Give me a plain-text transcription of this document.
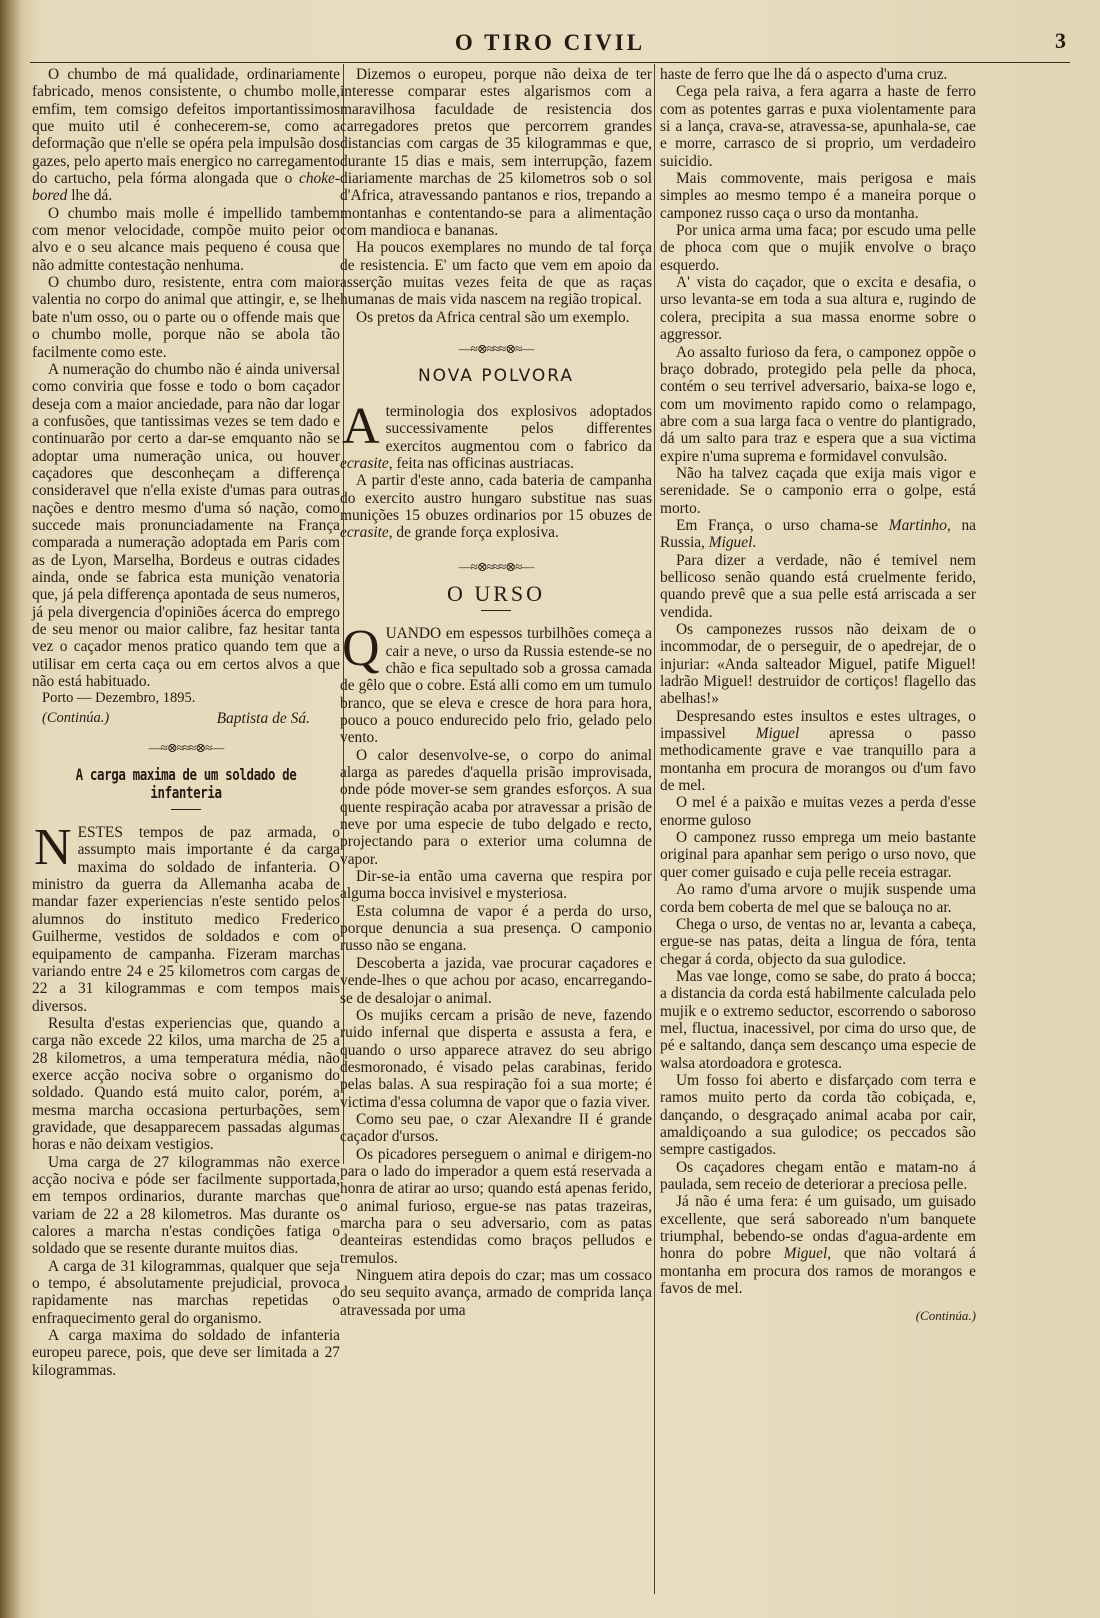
O TIRO CIVIL	3

O chumbo de má qualidade, ordinariamente fabricado, menos consistente, o chumbo molle, emfim, tem comsigo defeitos importantissimos que muito util é conhecerem-se, como a deformação que n'elle se opéra pela impulsão dos gazes, pelo aperto mais energico no carregamento do cartucho, pela fórma alongada que o choke-bored lhe dá.

O chumbo mais molle é impellido tambem com menor velocidade, compõe muito peior o alvo e o seu alcance mais pequeno é cousa que não admitte contestação nenhuma.

O chumbo duro, resistente, entra com maior valentia no corpo do animal que attingir, e, se lhe bate n'um osso, ou o parte ou o offende mais que o chumbo molle, porque não se abola tão facilmente como este.

A numeração do chumbo não é ainda universal como conviria que fosse e todo o bom caçador deseja com a maior anciedade, para não dar logar a confusões, que tantissimas vezes se tem dado e continuarão por certo a dar-se emquanto não se adoptar uma numeração unica, ou houver caçadores que desconheçam a differença consideravel que n'ella existe d'umas para outras nações e dentro mesmo d'uma só nação, como succede mais pronunciadamente na França comparada a numeração adoptada em Paris com as de Lyon, Marselha, Bordeus e outras cidades ainda, onde se fabrica esta munição venatoria que, já pela differença apontada de seus numeros, já pela divergencia d'opiniões ácerca do emprego de seu menor ou maior calibre, faz hesitar tanta vez o caçador menos pratico quando tem que a utilisar em certa caça ou em certos alvos a que não está habituado.

Porto — Dezembro, 1895.

(Continúa.)	Baptista de Sá.
—≈⊗≈≈≈⊗≈—
A carga maxima de um soldado de infanteria

NESTES tempos de paz armada, o assumpto mais importante é da carga maxima do soldado de infanteria. O ministro da guerra da Allemanha acaba de mandar fazer experiencias n'este sentido pelos alumnos do instituto medico Frederico Guilherme, vestidos de soldados e com o equipamento de campanha. Fizeram marchas variando entre 24 e 25 kilometros com cargas de 22 a 31 kilogrammas e com tempos mais diversos.

Resulta d'estas experiencias que, quando a carga não excede 22 kilos, uma marcha de 25 a 28 kilometros, a uma temperatura média, não exerce acção nociva sobre o organismo do soldado. Quando está muito calor, porém, a mesma marcha occasiona perturbações, sem gravidade, que desapparecem passadas algumas horas e não deixam vestigios.

Uma carga de 27 kilogrammas não exerce acção nociva e póde ser facilmente supportada, em tempos ordinarios, durante marchas que variam de 22 a 28 kilometros. Mas durante os calores a marcha n'estas condições fatiga o soldado que se resente durante muitos dias.

A carga de 31 kilogrammas, qualquer que seja o tempo, é absolutamente prejudicial, provoca rapidamente nas marchas repetidas o enfraquecimento geral do organismo.

A carga maxima do soldado de infanteria europeu parece, pois, que deve ser limitada a 27 kilogrammas.

Dizemos o europeu, porque não deixa de ter interesse comparar estes algarismos com a maravilhosa faculdade de resistencia dos carregadores pretos que percorrem grandes distancias com cargas de 35 kilogrammas e que, durante 15 dias e mais, sem interrupção, fazem diariamente marchas de 25 kilometros sob o sol d'Africa, atravessando pantanos e rios, trepando a montanhas e contentando-se para a alimentação com mandioca e bananas.

Ha poucos exemplares no mundo de tal força de resistencia. E' um facto que vem em apoio da asserção muitas vezes feita de que as raças humanas de mais vida nascem na região tropical.

Os pretos da Africa central são um exemplo.

—≈⊗≈≈≈⊗≈—
NOVA POLVORA

Aterminologia dos explosivos adoptados successivamente pelos differentes exercitos augmentou com o fabrico da ecrasite, feita nas officinas austriacas.

A partir d'este anno, cada bateria de campanha do exercito austro hungaro substitue nas suas munições 15 obuzes ordinarios por 15 obuzes de ecrasite, de grande força explosiva.

—≈⊗≈≈≈⊗≈—
O URSO

QUANDO em espessos turbilhões começa a cair a neve, o urso da Russia estende-se no chão e fica sepultado sob a grossa camada de gêlo que o cobre. Está alli como em um tumulo branco, que se eleva e cresce de hora para hora, pouco a pouco endurecido pelo frio, gelado pelo vento.

O calor desenvolve-se, o corpo do animal alarga as paredes d'aquella prisão improvisada, onde póde mover-se sem grandes esforços. A sua quente respiração acaba por atravessar a prisão de neve por uma especie de tubo delgado e recto, projectando para o exterior uma columna de vapor.

Dir-se-ia então uma caverna que respira por alguma bocca invisivel e mysteriosa.

Esta columna de vapor é a perda do urso, porque denuncia a sua presença. O camponio russo não se engana.

Descoberta a jazida, vae procurar caçadores e vende-lhes o que achou por acaso, encarregando-se de desalojar o animal.

Os mujiks cercam a prisão de neve, fazendo ruido infernal que disperta e assusta a fera, e quando o urso apparece atravez do seu abrigo desmoronado, é visado pelas carabinas, ferido pelas balas. A sua respiração foi a sua morte; é victima d'essa columna de vapor que o fazia viver.

Como seu pae, o czar Alexandre II é grande caçador d'ursos.

Os picadores perseguem o animal e dirigem-no para o lado do imperador a quem está reservada a honra de atirar ao urso; quando está apenas ferido, o animal furioso, ergue-se nas patas trazeiras, marcha para o seu adversario, com as patas deanteiras estendidas como braços pelludos e tremulos.

Ninguem atira depois do czar; mas um cossaco do seu sequito avança, armado de comprida lança atravessada por uma

haste de ferro que lhe dá o aspecto d'uma cruz.

Cega pela raiva, a fera agarra a haste de ferro com as potentes garras e puxa violentamente para si a lança, crava-se, atravessa-se, apunhala-se, cae e morre, carrasco de si proprio, um verdadeiro suicidio.

Mais commovente, mais perigosa e mais simples ao mesmo tempo é a maneira porque o camponez russo caça o urso da montanha.

Por unica arma uma faca; por escudo uma pelle de phoca com que o mujik envolve o braço esquerdo.

A' vista do caçador, que o excita e desafia, o urso levanta-se em toda a sua altura e, rugindo de colera, precipita a sua massa enorme sobre o aggressor.

Ao assalto furioso da fera, o camponez oppõe o braço dobrado, protegido pela pelle da phoca, contém o seu terrivel adversario, baixa-se logo e, com um movimento rapido como o relampago, abre com a sua larga faca o ventre do plantigrado, dá um salto para traz e espera que a sua victima expire n'uma suprema e formidavel convulsão.

Não ha talvez caçada que exija mais vigor e serenidade. Se o camponio erra o golpe, está morto.

Em França, o urso chama-se Martinho, na Russia, Miguel.

Para dizer a verdade, não é temivel nem bellicoso senão quando está cruelmente ferido, quando prevê que a sua pelle está arriscada a ser vendida.

Os camponezes russos não deixam de o incommodar, de o perseguir, de o apedrejar, de o injuriar: «Anda salteador Miguel, patife Miguel! ladrão Miguel! destruidor de cortiços! flagello das abelhas!»

Despresando estes insultos e estes ultrages, o impassivel Miguel apressa o passo methodicamente grave e vae tranquillo para a montanha em procura de morangos ou d'um favo de mel.

O mel é a paixão e muitas vezes a perda d'esse enorme guloso

O camponez russo emprega um meio bastante original para apanhar sem perigo o urso novo, que quer comer guisado e cuja pelle receia estragar.

Ao ramo d'uma arvore o mujik suspende uma corda bem coberta de mel que se balouça no ar.

Chega o urso, de ventas no ar, levanta a cabeça, ergue-se nas patas, deita a lingua de fóra, tenta chegar á corda, objecto da sua gulodice.

Mas vae longe, como se sabe, do prato á bocca; a distancia da corda está habilmente calculada pelo mujik e o extremo seductor, escorrendo o saboroso mel, fluctua, inacessivel, por cima do urso que, de pé e saltando, dança sem descanço uma especie de walsa atordoadora e grotesca.

Um fosso foi aberto e disfarçado com terra e ramos muito perto da corda tão cobiçada, e, dançando, o desgraçado animal acaba por cair, amaldiçoando a sua gulodice; os peccados são sempre castigados.

Os caçadores chegam então e matam-no á paulada, sem receio de deteriorar a preciosa pelle.

Já não é uma fera: é um guisado, um guisado excellente, que será saboreado n'um banquete triumphal, bebendo-se ondas d'agua-ardente em honra do pobre Miguel, que não voltará á montanha em procura dos ramos de morangos e favos de mel.

(Continúa.)
